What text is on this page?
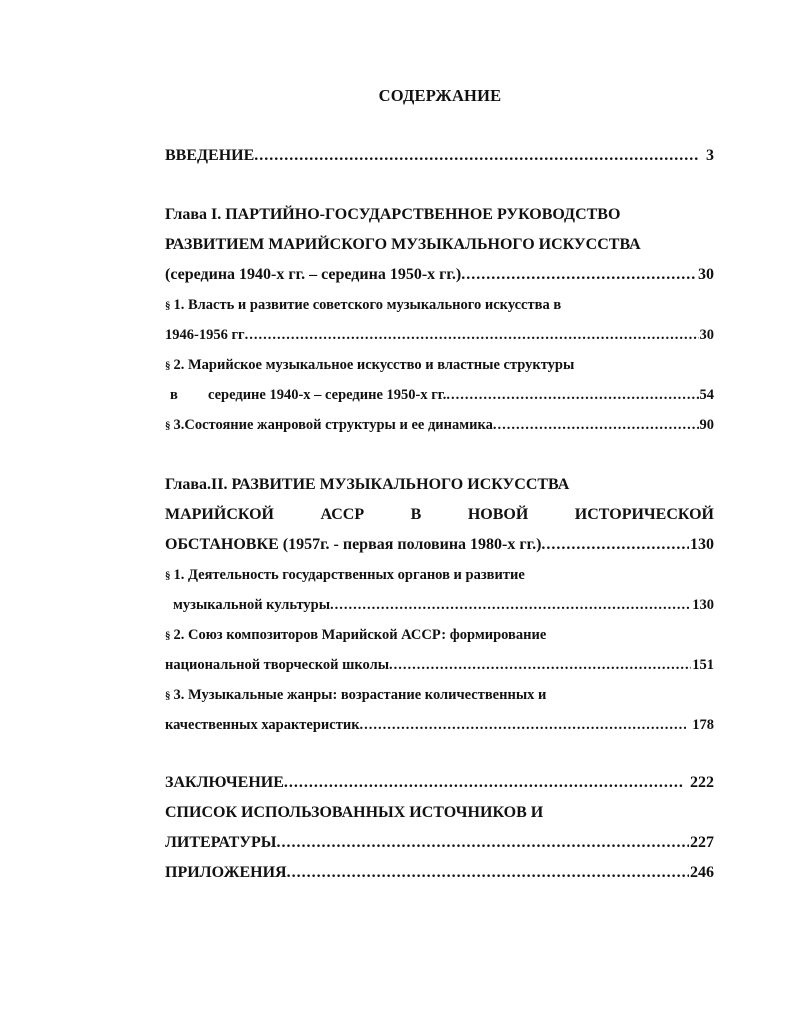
СОДЕРЖАНИЕ
ВВЕДЕНИЕ .....	3
Глава I. ПАРТИЙНО-ГОСУДАРСТВЕННОЕ РУКОВОДСТВО
РАЗВИТИЕМ МАРИЙСКОГО МУЗЫКАЛЬНОГО ИСКУССТВА
(середина 1940-х гг. – середина 1950-х гг.) .....	30
§ 1. Власть и развитие советского музыкального искусства в
1946-1956 гг .....	30
§ 2. Марийское музыкальное искусство и властные структуры
в	середине 1940-х – середине 1950-х гг. .....	54
§ 3.Состояние жанровой структуры и ее динамика .....	90
Глава.II. РАЗВИТИЕ МУЗЫКАЛЬНОГО ИСКУССТВА
МАРИЙСКОЙ	АССР	В	НОВОЙ	ИСТОРИЧЕСКОЙ
ОБСТАНОВКЕ (1957г. - первая половина 1980-х гг.) .....	130
§ 1. Деятельность государственных органов и развитие
музыкальной культуры .....	130
§ 2. Союз композиторов Марийской АССР: формирование
национальной творческой школы .....	151
§ 3. Музыкальные жанры: возрастание количественных и
качественных характеристик .....	178
ЗАКЛЮЧЕНИЕ .....	222
СПИСОК ИСПОЛЬЗОВАННЫХ ИСТОЧНИКОВ И
ЛИТЕРАТУРЫ .....	227
ПРИЛОЖЕНИЯ .....	246
